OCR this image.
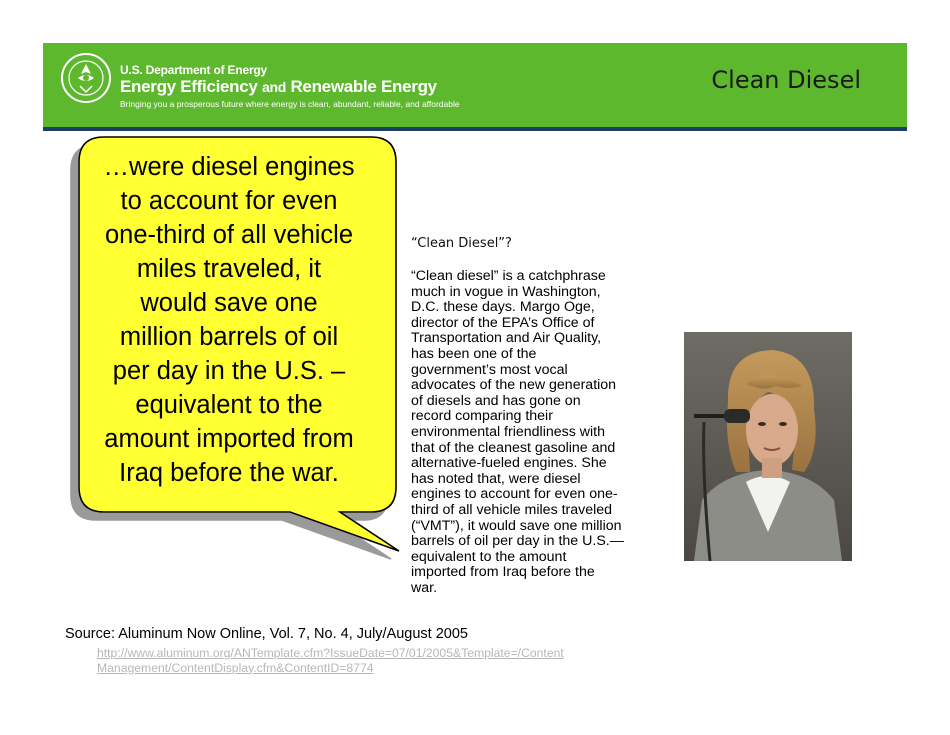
U.S. Department of Energy
Energy Efficiency and Renewable Energy
Bringing you a prosperous future where energy is clean, abundant, reliable, and affordable
Clean Diesel
…were diesel engines
to account for even
one-third of all vehicle
miles traveled, it
would save one
million barrels of oil
per day in the U.S. –
equivalent to the
amount imported from
Iraq before the war.
“Clean Diesel”?
“Clean diesel” is a catchphrase
much in vogue in Washington,
D.C. these days. Margo Oge,
director of the EPA’s Office of
Transportation and Air Quality,
has been one of the
government’s most vocal
advocates of the new generation
of diesels and has gone on
record comparing their
environmental friendliness with
that of the cleanest gasoline and
alternative-fueled engines. She
has noted that, were diesel
engines to account for even one-
third of all vehicle miles traveled
(“VMT”), it would save one million
barrels of oil per day in the U.S.—
equivalent to the amount
imported from Iraq before the
war.
Source: Aluminum Now Online, Vol. 7, No. 4, July/August 2005
http://www.aluminum.org/ANTemplate.cfm?IssueDate=07/01/2005&Template=/Content
Management/ContentDisplay.cfm&ContentID=8774
